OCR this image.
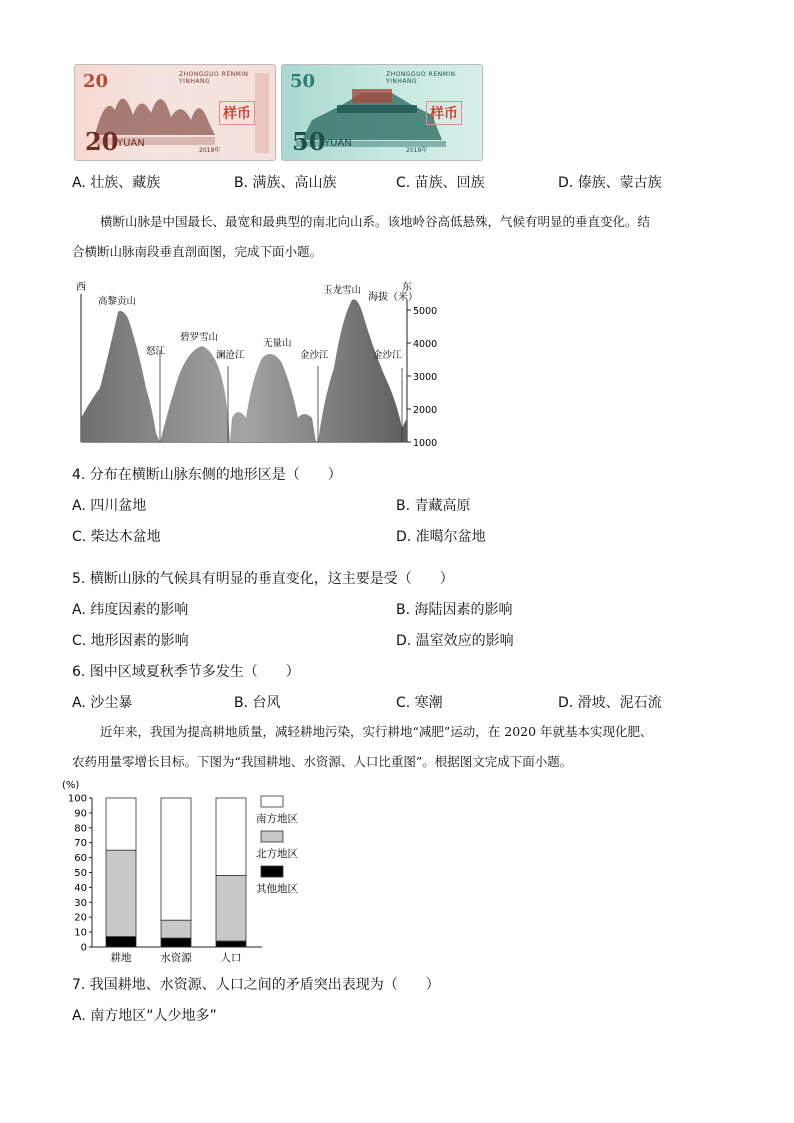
20	ZHONGGUO RENMIN YINHANG
样币
20
YUAN
2019年
50	ZHONGGUO RENMIN YINHANG
样币
50
YUAN
2019年
A. 壮族、藏族	B. 满族、高山族	C. 苗族、回族	D. 傣族、蒙古族
横断山脉是中国最长、最宽和最典型的南北向山系。该地岭谷高低悬殊，气候有明显的垂直变化。结
合横断山脉南段垂直剖面图，完成下面小题。
西	东
海拔（米）
高黎贡山
碧罗雪山
无量山
玉龙雪山
怒江	澜沧江	金沙江	金沙江
5000
4000
3000
2000
1000
4. 分布在横断山脉东侧的地形区是（　　）
A. 四川盆地	B. 青藏高原
C. 柴达木盆地	D. 准噶尔盆地
5. 横断山脉的气候具有明显的垂直变化，这主要是受（　　）
A. 纬度因素的影响	B. 海陆因素的影响
C. 地形因素的影响	D. 温室效应的影响
6. 图中区域夏秋季节多发生（　　）
A. 沙尘暴	B. 台风	C. 寒潮	D. 滑坡、泥石流
近年来，我国为提高耕地质量，减轻耕地污染，实行耕地“减肥”运动，在 2020 年就基本实现化肥、
农药用量零增长目标。下图为“我国耕地、水资源、人口比重图”。根据图文完成下面小题。
(%)
0
10
20
30
40
50
60
70
80
90
100
耕地	水资源	人口
南方地区
北方地区
其他地区
7. 我国耕地、水资源、人口之间的矛盾突出表现为（　　）
A. 南方地区“人少地多”
